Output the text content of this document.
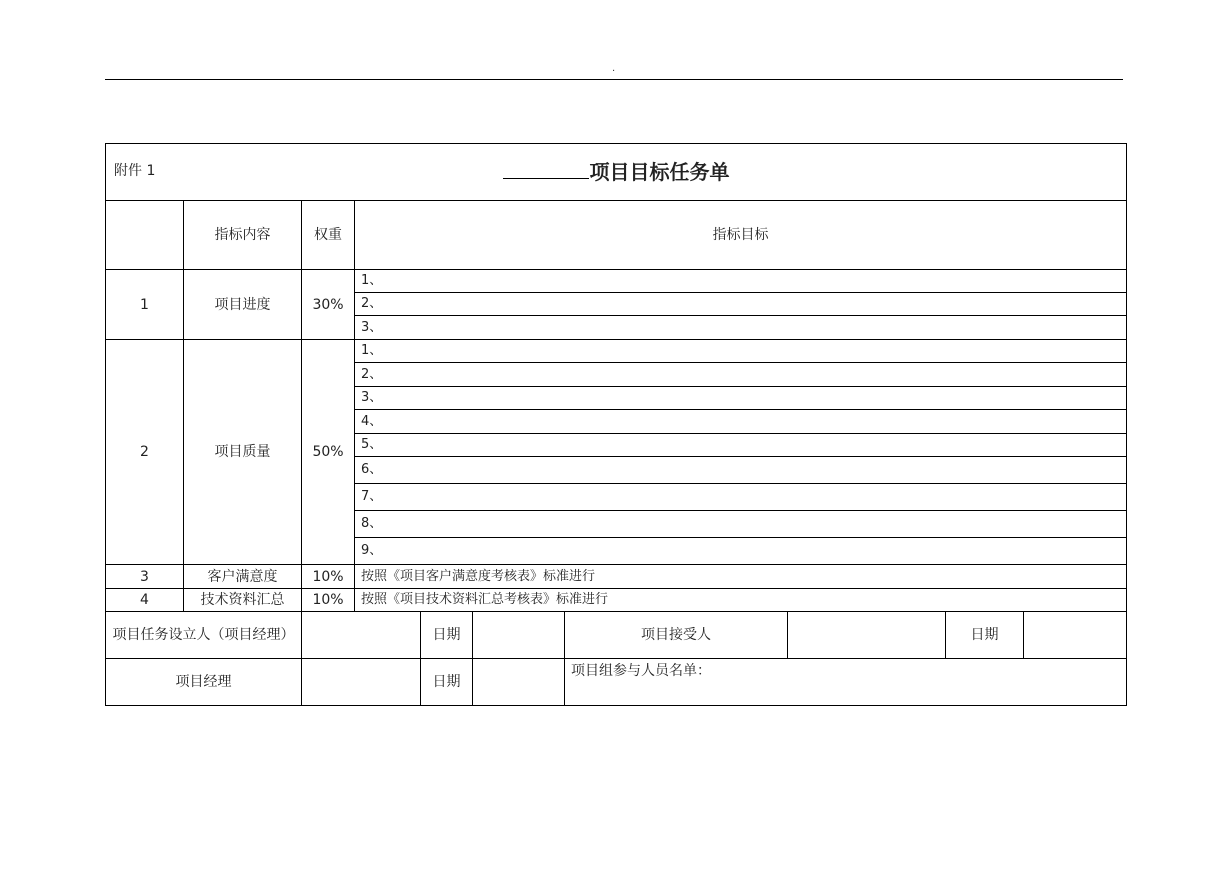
.
附件 1 项目目标任务单									

	指标内容	权重	指标目标						
1	项目进度	30%	1、						
			2、						
			3、						
2	项目质量	50%	1、						
			2、						
			3、						
			4、						
			5、						
			6、						
			7、						
			8、						
			9、						
3	客户满意度	10%	按照《项目客户满意度考核表》标准进行						
4	技术资料汇总	10%	按照《项目技术资料汇总考核表》标准进行						
项目任务设立人（项目经理）				日期		项目接受人		日期	
项目经理				日期		项目组参与人员名单：			
